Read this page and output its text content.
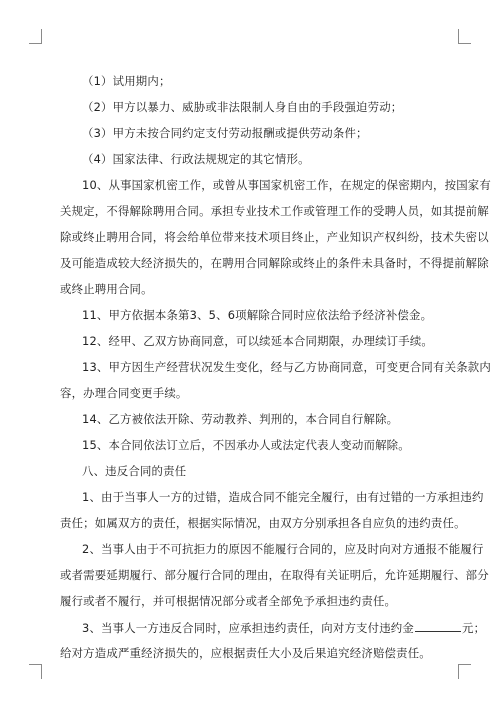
（1）试用期内；
（2）甲方以暴力、威胁或非法限制人身自由的手段强迫劳动；
（3）甲方未按合同约定支付劳动报酬或提供劳动条件；
（4）国家法律、行政法规规定的其它情形。
10、从事国家机密工作，或曾从事国家机密工作，在规定的保密期内，按国家有
关规定，不得解除聘用合同。承担专业技术工作或管理工作的受聘人员，如其提前解
除或终止聘用合同，将会给单位带来技术项目终止，产业知识产权纠纷，技术失密以
及可能造成较大经济损失的，在聘用合同解除或终止的条件未具备时，不得提前解除
或终止聘用合同。
11、甲方依据本条第3、5、6项解除合同时应依法给予经济补偿金。
12、经甲、乙双方协商同意，可以续延本合同期限，办理续订手续。
13、甲方因生产经营状况发生变化，经与乙方协商同意，可变更合同有关条款内
容，办理合同变更手续。
14、乙方被依法开除、劳动教养、判刑的，本合同自行解除。
15、本合同依法订立后，不因承办人或法定代表人变动而解除。
八、违反合同的责任
1、由于当事人一方的过错，造成合同不能完全履行，由有过错的一方承担违约
责任；如属双方的责任，根据实际情况，由双方分别承担各自应负的违约责任。
2、当事人由于不可抗拒力的原因不能履行合同的，应及时向对方通报不能履行
或者需要延期履行、部分履行合同的理由，在取得有关证明后，允许延期履行、部分
履行或者不履行，并可根据情况部分或者全部免予承担违约责任。
3、当事人一方违反合同时，应承担违约责任，向对方支付违约金	元；
给对方造成严重经济损失的，应根据责任大小及后果追究经济赔偿责任。
